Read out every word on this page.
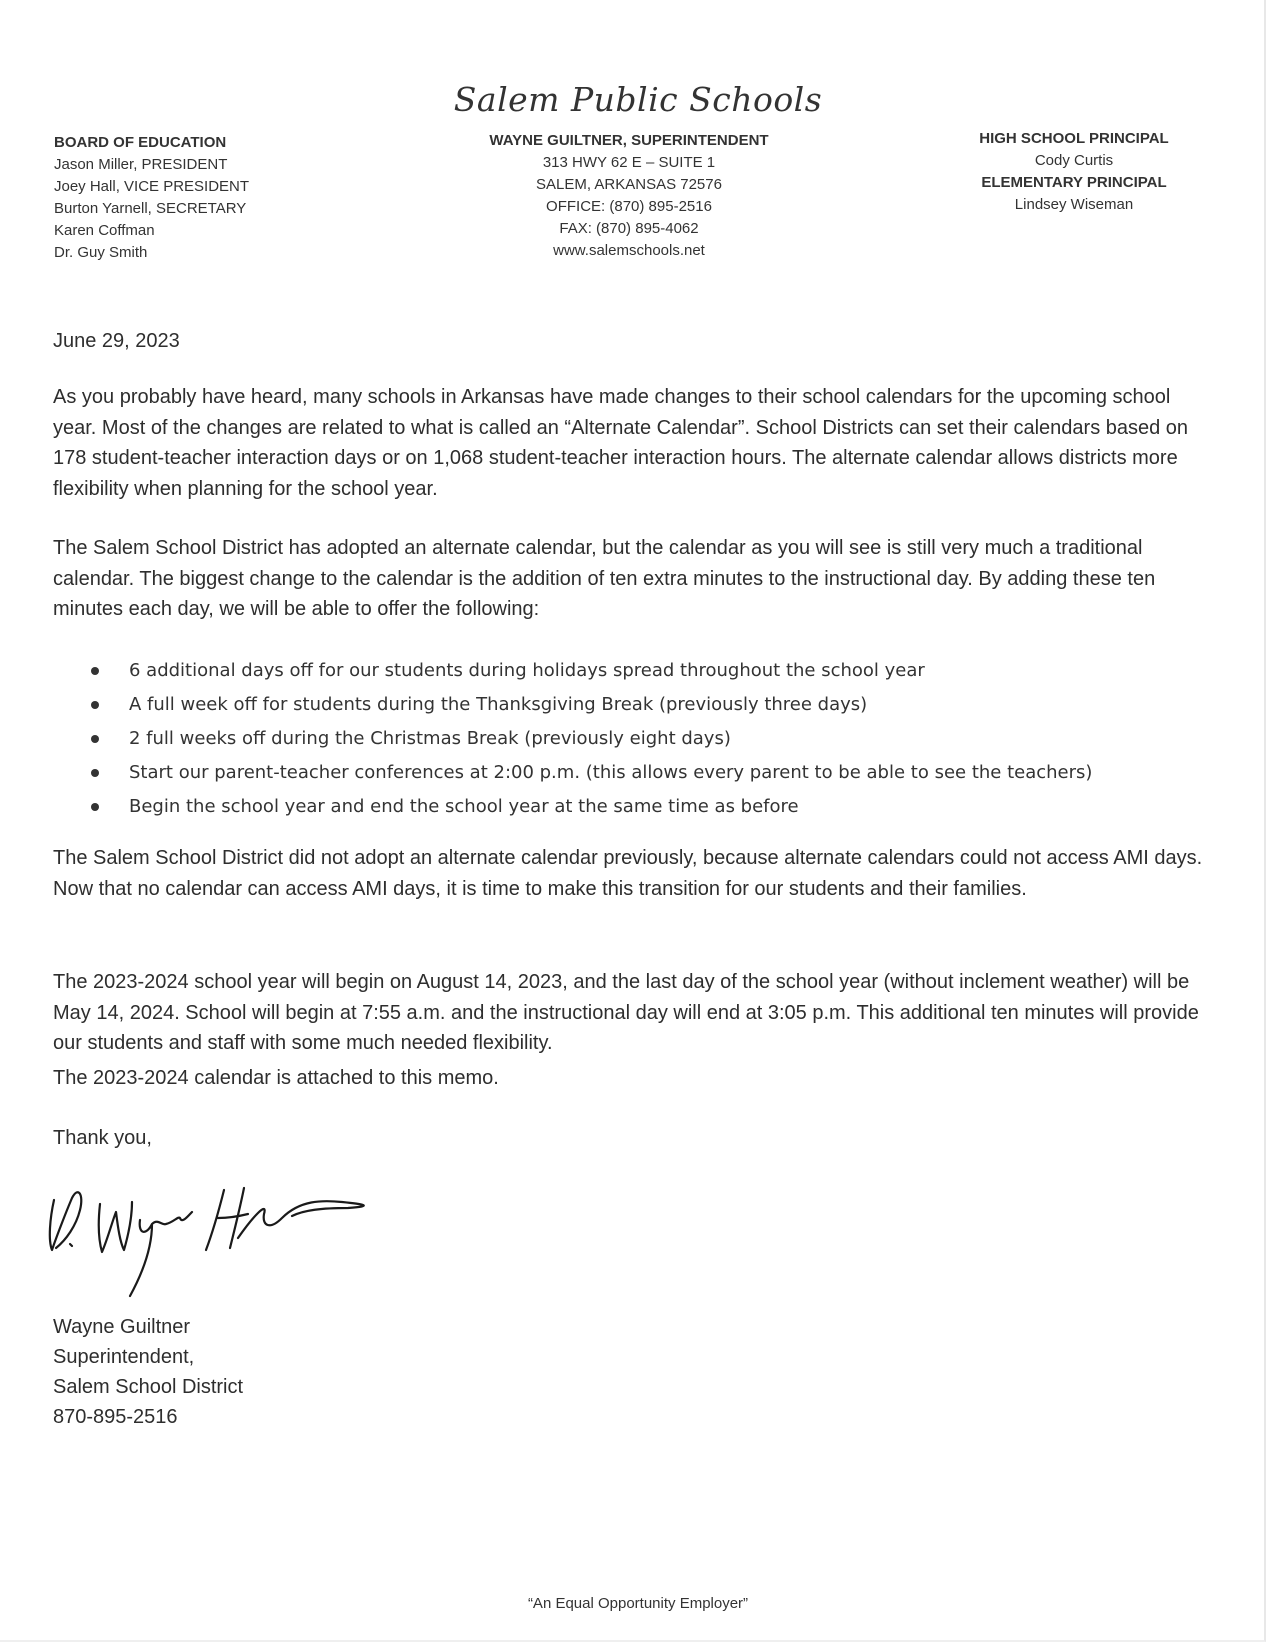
Salem Public Schools
BOARD OF EDUCATION
Jason Miller, PRESIDENT
Joey Hall, VICE PRESIDENT
Burton Yarnell, SECRETARY
Karen Coffman
Dr. Guy Smith
WAYNE GUILTNER, SUPERINTENDENT
313 HWY 62 E – SUITE 1
SALEM, ARKANSAS 72576
OFFICE: (870) 895-2516
FAX: (870) 895-4062
www.salemschools.net
HIGH SCHOOL PRINCIPAL
Cody Curtis
ELEMENTARY PRINCIPAL
Lindsey Wiseman
June 29, 2023
As you probably have heard, many schools in Arkansas have made changes to their school calendars for the upcoming school year. Most of the changes are related to what is called an “Alternate Calendar”. School Districts can set their calendars based on 178 student-teacher interaction days or on 1,068 student-teacher interaction hours. The alternate calendar allows districts more flexibility when planning for the school year.
The Salem School District has adopted an alternate calendar, but the calendar as you will see is still very much a traditional calendar. The biggest change to the calendar is the addition of ten extra minutes to the instructional day. By adding these ten minutes each day, we will be able to offer the following:
6 additional days off for our students during holidays spread throughout the school year
A full week off for students during the Thanksgiving Break (previously three days)
2 full weeks off during the Christmas Break (previously eight days)
Start our parent-teacher conferences at 2:00 p.m. (this allows every parent to be able to see the teachers)
Begin the school year and end the school year at the same time as before
The Salem School District did not adopt an alternate calendar previously, because alternate calendars could not access AMI days. Now that no calendar can access AMI days, it is time to make this transition for our students and their families.
The 2023-2024 school year will begin on August 14, 2023, and the last day of the school year (without inclement weather) will be May 14, 2024. School will begin at 7:55 a.m. and the instructional day will end at 3:05 p.m. This additional ten minutes will provide our students and staff with some much needed flexibility.
The 2023-2024 calendar is attached to this memo.
Thank you,
Wayne Guiltner
Superintendent,
Salem School District
870-895-2516
“An Equal Opportunity Employer”
